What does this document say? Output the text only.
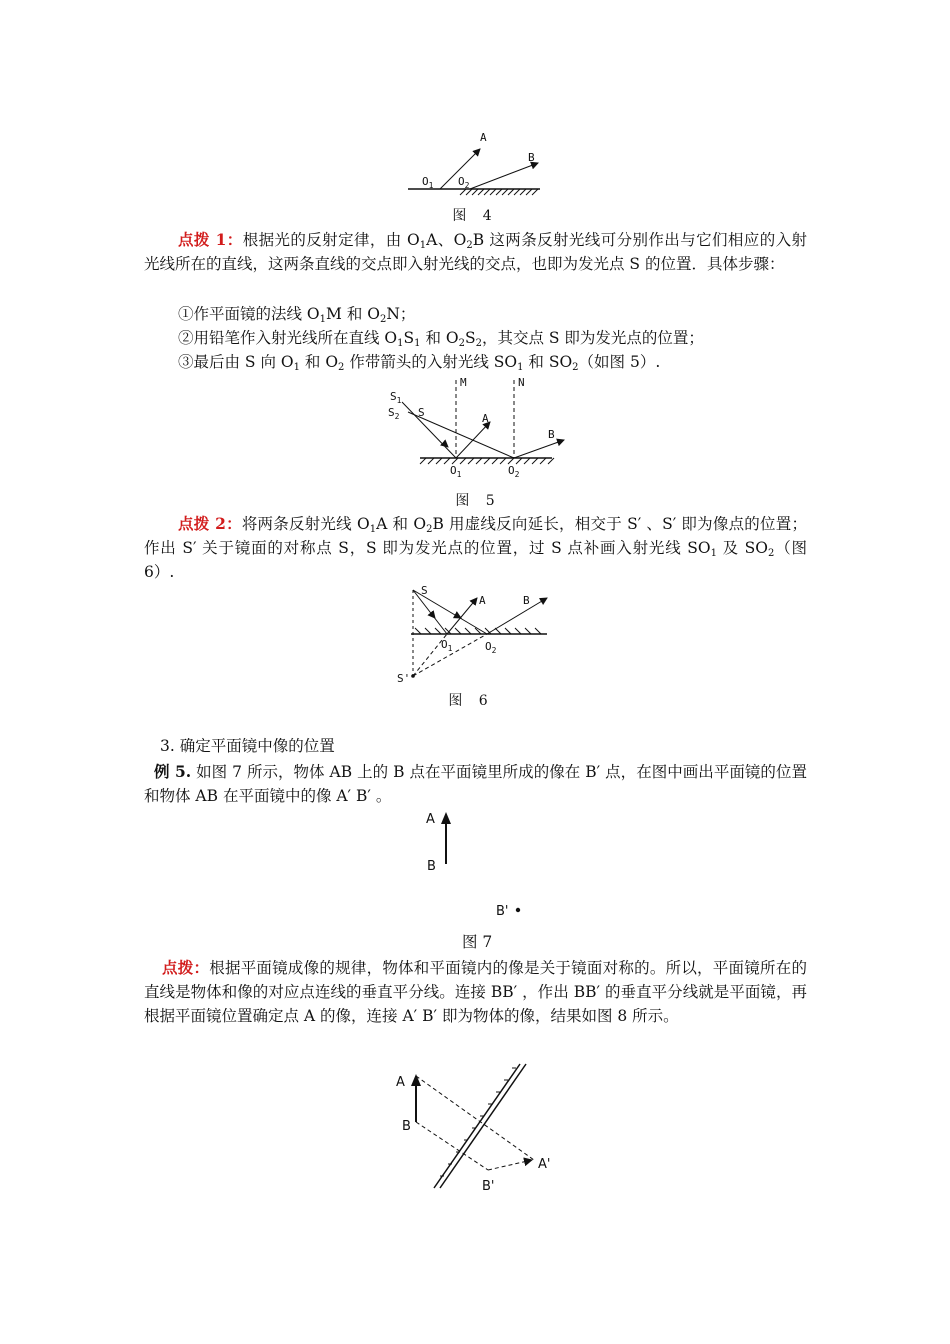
A
B
$O_1$ $O_2$
图 4
点拨 1：根据光的反射定律，由 $O_1A$、$O_2B$ 这两条反射光线可分别作出与它们相应的入射光线所在的直线，这两条直线的交点即入射光线的交点，也即为发光点 S 的位置．具体步骤：
①作平面镜的法线 $O_1M$ 和 $O_2N$；
②用铅笔作入射光线所在直线 $O_1S_1$ 和 $O_2S_2$，其交点 S 即为发光点的位置；
③最后由 S 向 $O_1$ 和 $O_2$ 作带箭头的入射光线 $SO_1$ 和 $SO_2$（如图 5）.
M	N
$S_1$
$S_2$ S	A
B
$O_1$	$O_2$
图 5
点拨 2：将两条反射光线 $O_1A$ 和 $O_2B$ 用虚线反向延长，相交于 S′ 、S′ 即为像点的位置；作出 S′ 关于镜面的对称点 S，S 即为发光点的位置，过 S 点补画入射光线 $SO_1$ 及 $SO_2$（图 6）.
S
A	B
$O_1$	$O_2$
S'
图 6
3. 确定平面镜中像的位置
例 5. 如图 7 所示，物体 AB 上的 B 点在平面镜里所成的像在 B′ 点，在图中画出平面镜的位置和物体 AB 在平面镜中的像 A′ B′ 。
A
B
B'
图 7
点拨：根据平面镜成像的规律，物体和平面镜内的像是关于镜面对称的。所以，平面镜所在的直线是物体和像的对应点连线的垂直平分线。连接 BB′ ，作出 BB′ 的垂直平分线就是平面镜，再根据平面镜位置确定点 A 的像，连接 A′ B′ 即为物体的像，结果如图 8 所示。
A
B
A'
B'
